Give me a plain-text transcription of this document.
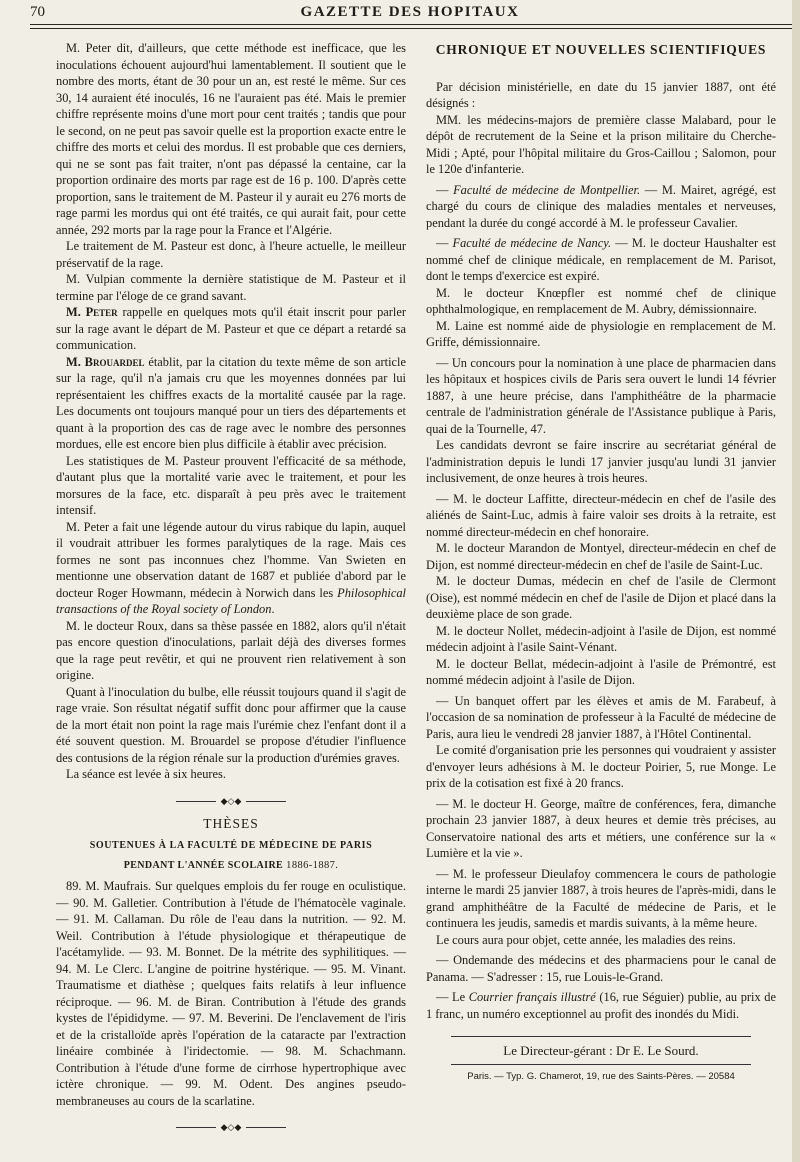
70	GAZETTE DES HOPITAUX

M. Peter dit, d'ailleurs, que cette méthode est inefficace, que les inoculations échouent aujourd'hui lamentablement. Il soutient que le nombre des morts, étant de 30 pour un an, est resté le même. Sur ces 30, 14 auraient été inoculés, 16 ne l'auraient pas été. Mais le premier chiffre représente moins d'une mort pour cent traités ; tandis que pour le second, on ne peut pas savoir quelle est la proportion exacte entre le chiffre des morts et celui des mordus. Il est probable que ces derniers, qui ne se sont pas fait traiter, n'ont pas dépassé la centaine, car la proportion ordinaire des morts par rage est de 16 p. 100. D'après cette proportion, sans le traitement de M. Pasteur il y aurait eu 276 morts de rage parmi les mordus qui ont été traités, ce qui aurait fait, pour cette année, 292 morts par la rage pour la France et l'Algérie.

Le traitement de M. Pasteur est donc, à l'heure actuelle, le meilleur préservatif de la rage.

M. Vulpian commente la dernière statistique de M. Pasteur et il termine par l'éloge de ce grand savant.

M. Peter rappelle en quelques mots qu'il était inscrit pour parler sur la rage avant le départ de M. Pasteur et que ce départ a retardé sa communication.

M. Brouardel établit, par la citation du texte même de son article sur la rage, qu'il n'a jamais cru que les moyennes données par lui représentaient les chiffres exacts de la mortalité causée par la rage. Les documents ont toujours manqué pour un tiers des départements et quant à la proportion des cas de rage avec le nombre des personnes mordues, elle est encore bien plus difficile à établir avec précision.

Les statistiques de M. Pasteur prouvent l'efficacité de sa méthode, d'autant plus que la mortalité varie avec le traitement, et pour les morsures de la face, etc. disparaît à peu près avec le traitement intensif.

M. Peter a fait une légende autour du virus rabique du lapin, auquel il voudrait attribuer les formes paralytiques de la rage. Mais ces formes ne sont pas inconnues chez l'homme. Van Swieten en mentionne une observation datant de 1687 et publiée d'abord par le docteur Roger Howmann, médecin à Norwich dans les Philosophical transactions of the Royal society of London.

M. le docteur Roux, dans sa thèse passée en 1882, alors qu'il n'était pas encore question d'inoculations, parlait déjà des diverses formes que la rage peut revêtir, et qui ne prouvent rien relativement à son origine.

Quant à l'inoculation du bulbe, elle réussit toujours quand il s'agit de rage vraie. Son résultat négatif suffit donc pour affirmer que la cause de la mort était non point la rage mais l'urémie chez l'enfant dont il a été souvent question. M. Brouardel se propose d'étudier l'influence des contusions de la région rénale sur la production d'urémies graves.

La séance est levée à six heures.

◆◇◆
THÈSES
SOUTENUES À LA FACULTÉ DE MÉDECINE DE PARIS
PENDANT L'ANNÉE SCOLAIRE 1886-1887.

89. M. Maufrais. Sur quelques emplois du fer rouge en oculistique. — 90. M. Galletier. Contribution à l'étude de l'hématocèle vaginale. — 91. M. Callaman. Du rôle de l'eau dans la nutrition. — 92. M. Weil. Contribution à l'étude physiologique et thérapeutique de l'acétamylide. — 93. M. Bonnet. De la métrite des syphilitiques. — 94. M. Le Clerc. L'angine de poitrine hystérique. — 95. M. Vinant. Traumatisme et diathèse ; quelques faits relatifs à leur influence réciproque. — 96. M. de Biran. Contribution à l'étude des grands kystes de l'épididyme. — 97. M. Beverini. De l'enclavement de l'iris et de la cristalloïde après l'opération de la cataracte par l'extraction linéaire combinée à l'iridectomie. — 98. M. Schachmann. Contribution à l'étude d'une forme de cirrhose hypertrophique avec ictère chronique. — 99. M. Odent. Des angines pseudo-membraneuses au cours de la scarlatine.

◆◇◆
CHRONIQUE ET NOUVELLES SCIENTIFIQUES

Par décision ministérielle, en date du 15 janvier 1887, ont été désignés :

MM. les médecins-majors de première classe Malabard, pour le dépôt de recrutement de la Seine et la prison militaire du Cherche-Midi ; Apté, pour l'hôpital militaire du Gros-Caillou ; Salomon, pour le 120e d'infanterie.

— Faculté de médecine de Montpellier. — M. Mairet, agrégé, est chargé du cours de clinique des maladies mentales et nerveuses, pendant la durée du congé accordé à M. le professeur Cavalier.

— Faculté de médecine de Nancy. — M. le docteur Haushalter est nommé chef de clinique médicale, en remplacement de M. Parisot, dont le temps d'exercice est expiré.

M. le docteur Knœpfler est nommé chef de clinique ophthalmologique, en remplacement de M. Aubry, démissionnaire.

M. Laine est nommé aide de physiologie en remplacement de M. Griffe, démissionnaire.

— Un concours pour la nomination à une place de pharmacien dans les hôpitaux et hospices civils de Paris sera ouvert le lundi 14 février 1887, à une heure précise, dans l'amphithéâtre de la pharmacie centrale de l'administration générale de l'Assistance publique à Paris, quai de la Tournelle, 47.

Les candidats devront se faire inscrire au secrétariat général de l'administration depuis le lundi 17 janvier jusqu'au lundi 31 janvier inclusivement, de onze heures à trois heures.

— M. le docteur Laffitte, directeur-médecin en chef de l'asile des aliénés de Saint-Luc, admis à faire valoir ses droits à la retraite, est nommé directeur-médecin en chef honoraire.

M. le docteur Marandon de Montyel, directeur-médecin en chef de Dijon, est nommé directeur-médecin en chef de l'asile de Saint-Luc.

M. le docteur Dumas, médecin en chef de l'asile de Clermont (Oise), est nommé médecin en chef de l'asile de Dijon et placé dans la deuxième place de son grade.

M. le docteur Nollet, médecin-adjoint à l'asile de Dijon, est nommé médecin adjoint à l'asile Saint-Vénant.

M. le docteur Bellat, médecin-adjoint à l'asile de Prémontré, est nommé médecin adjoint à l'asile de Dijon.

— Un banquet offert par les élèves et amis de M. Farabeuf, à l'occasion de sa nomination de professeur à la Faculté de médecine de Paris, aura lieu le vendredi 28 janvier 1887, à l'Hôtel Continental.

Le comité d'organisation prie les personnes qui voudraient y assister d'envoyer leurs adhésions à M. le docteur Poirier, 5, rue Monge. Le prix de la cotisation est fixé à 20 francs.

— M. le docteur H. George, maître de conférences, fera, dimanche prochain 23 janvier 1887, à deux heures et demie très précises, au Conservatoire national des arts et métiers, une conférence sur la « Lumière et la vie ».

— M. le professeur Dieulafoy commencera le cours de pathologie interne le mardi 25 janvier 1887, à trois heures de l'après-midi, dans le grand amphithéâtre de la Faculté de médecine de Paris, et le continuera les jeudis, samedis et mardis suivants, à la même heure.

Le cours aura pour objet, cette année, les maladies des reins.

— Ondemande des médecins et des pharmaciens pour le canal de Panama. — S'adresser : 15, rue Louis-le-Grand.

— Le Courrier français illustré (16, rue Séguier) publie, au prix de 1 franc, un numéro exceptionnel au profit des inondés du Midi.

Le Directeur-gérant : Dr E. Le Sourd.
Paris. — Typ. G. Chamerot, 19, rue des Saints-Pères. — 20584
